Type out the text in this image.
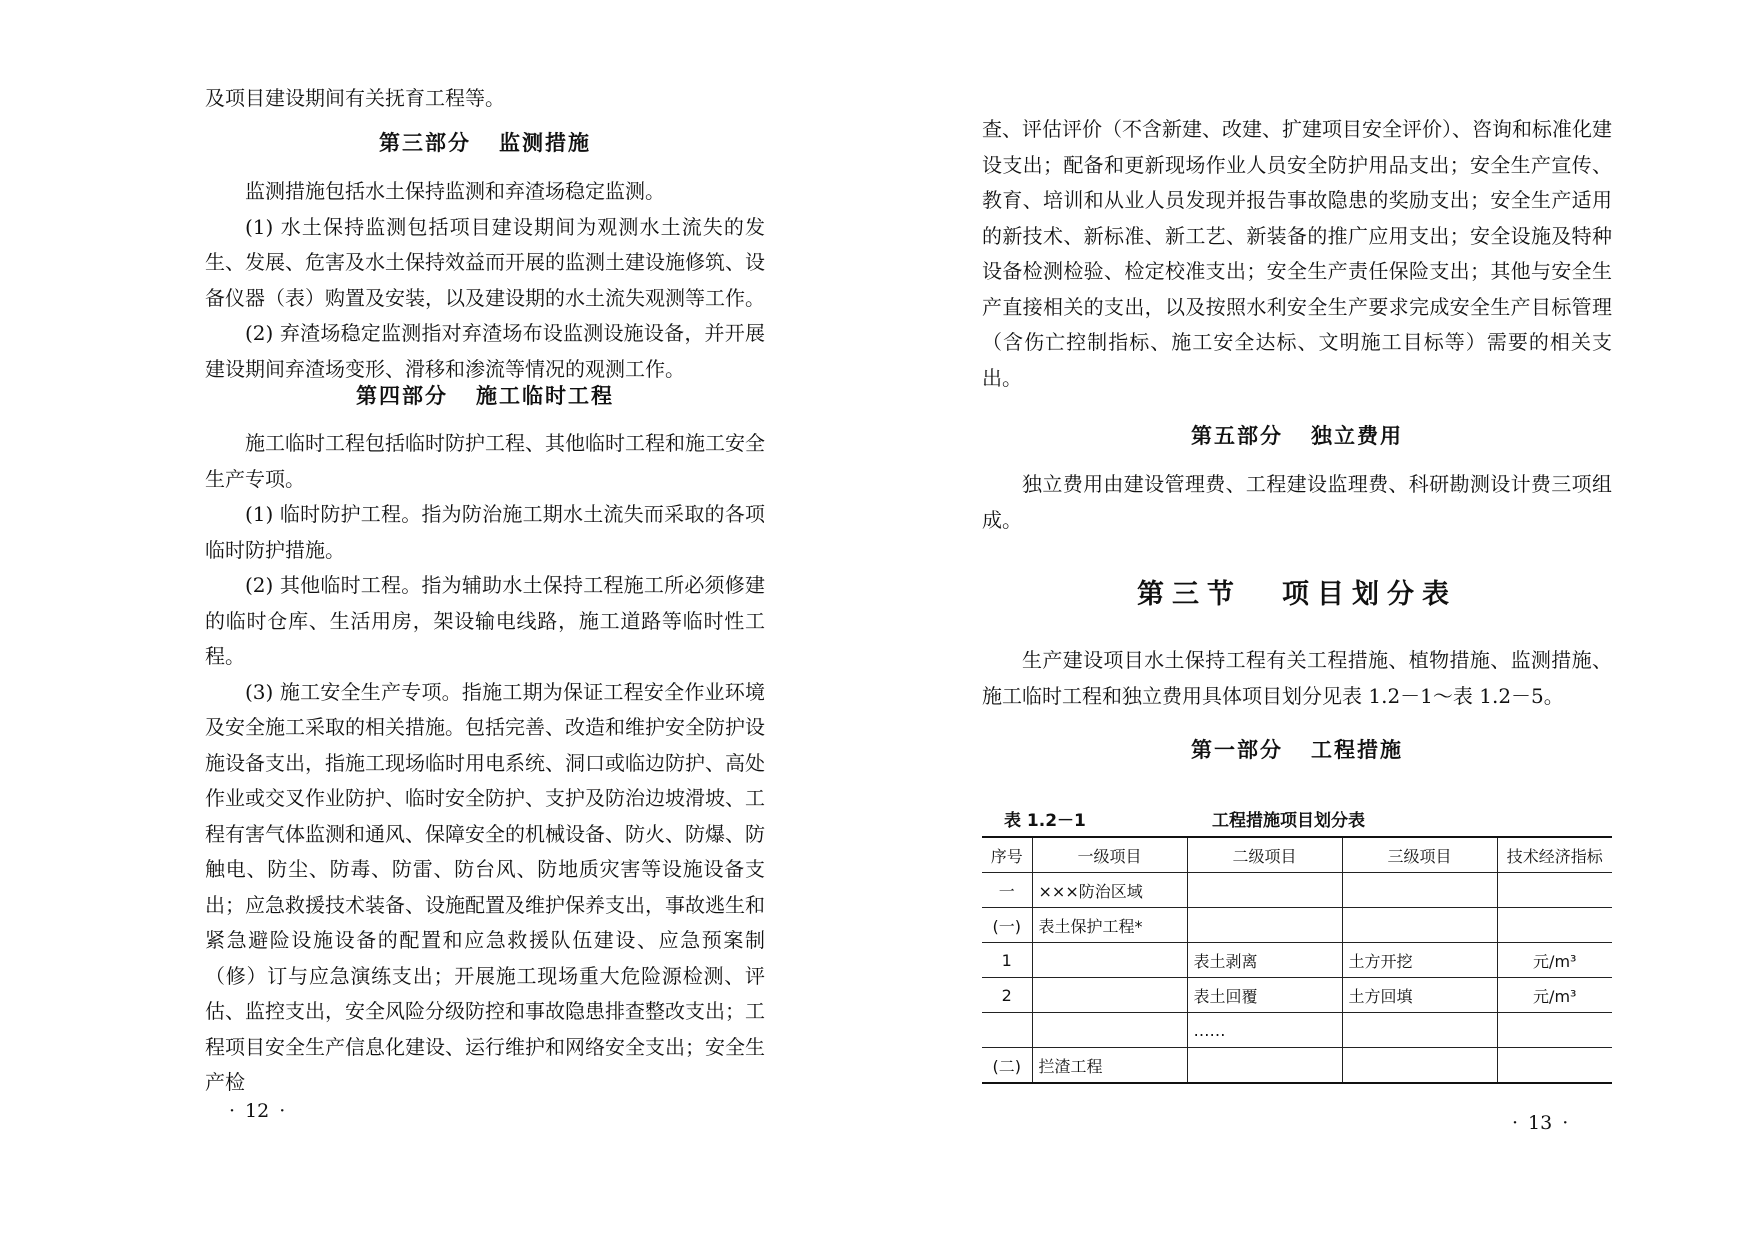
及项目建设期间有关抚育工程等。

第三部分 监测措施

监测措施包括水土保持监测和弃渣场稳定监测。

(1) 水土保持监测包括项目建设期间为观测水土流失的发生、发展、危害及水土保持效益而开展的监测土建设施修筑、设备仪器（表）购置及安装，以及建设期的水土流失观测等工作。

(2) 弃渣场稳定监测指对弃渣场布设监测设施设备，并开展建设期间弃渣场变形、滑移和渗流等情况的观测工作。

第四部分 施工临时工程

施工临时工程包括临时防护工程、其他临时工程和施工安全生产专项。

(1) 临时防护工程。指为防治施工期水土流失而采取的各项临时防护措施。

(2) 其他临时工程。指为辅助水土保持工程施工所必须修建的临时仓库、生活用房，架设输电线路，施工道路等临时性工程。

(3) 施工安全生产专项。指施工期为保证工程安全作业环境及安全施工采取的相关措施。包括完善、改造和维护安全防护设施设备支出，指施工现场临时用电系统、洞口或临边防护、高处作业或交叉作业防护、临时安全防护、支护及防治边坡滑坡、工程有害气体监测和通风、保障安全的机械设备、防火、防爆、防触电、防尘、防毒、防雷、防台风、防地质灾害等设施设备支出；应急救援技术装备、设施配置及维护保养支出，事故逃生和紧急避险设施设备的配置和应急救援队伍建设、应急预案制（修）订与应急演练支出；开展施工现场重大危险源检测、评估、监控支出，安全风险分级防控和事故隐患排查整改支出；工程项目安全生产信息化建设、运行维护和网络安全支出；安全生产检

· 12 ·

查、评估评价（不含新建、改建、扩建项目安全评价）、咨询和标准化建设支出；配备和更新现场作业人员安全防护用品支出；安全生产宣传、教育、培训和从业人员发现并报告事故隐患的奖励支出；安全生产适用的新技术、新标准、新工艺、新装备的推广应用支出；安全设施及特种设备检测检验、检定校准支出；安全生产责任保险支出；其他与安全生产直接相关的支出，以及按照水利安全生产要求完成安全生产目标管理（含伤亡控制指标、施工安全达标、文明施工目标等）需要的相关支出。

第五部分 独立费用

独立费用由建设管理费、工程建设监理费、科研勘测设计费三项组成。

第三节 项目划分表

生产建设项目水土保持工程有关工程措施、植物措施、监测措施、施工临时工程和独立费用具体项目划分见表 1.2－1～表 1.2－5。

第一部分 工程措施
表 1.2－1	工程措施项目划分表
序号	一级项目	二级项目	三级项目	技术经济指标
一	×××防治区域			
(一)	表土保护工程*			
1		表土剥离	土方开挖	元/m³
2		表土回覆	土方回填	元/m³
		……		
(二)	拦渣工程			
· 13 ·
